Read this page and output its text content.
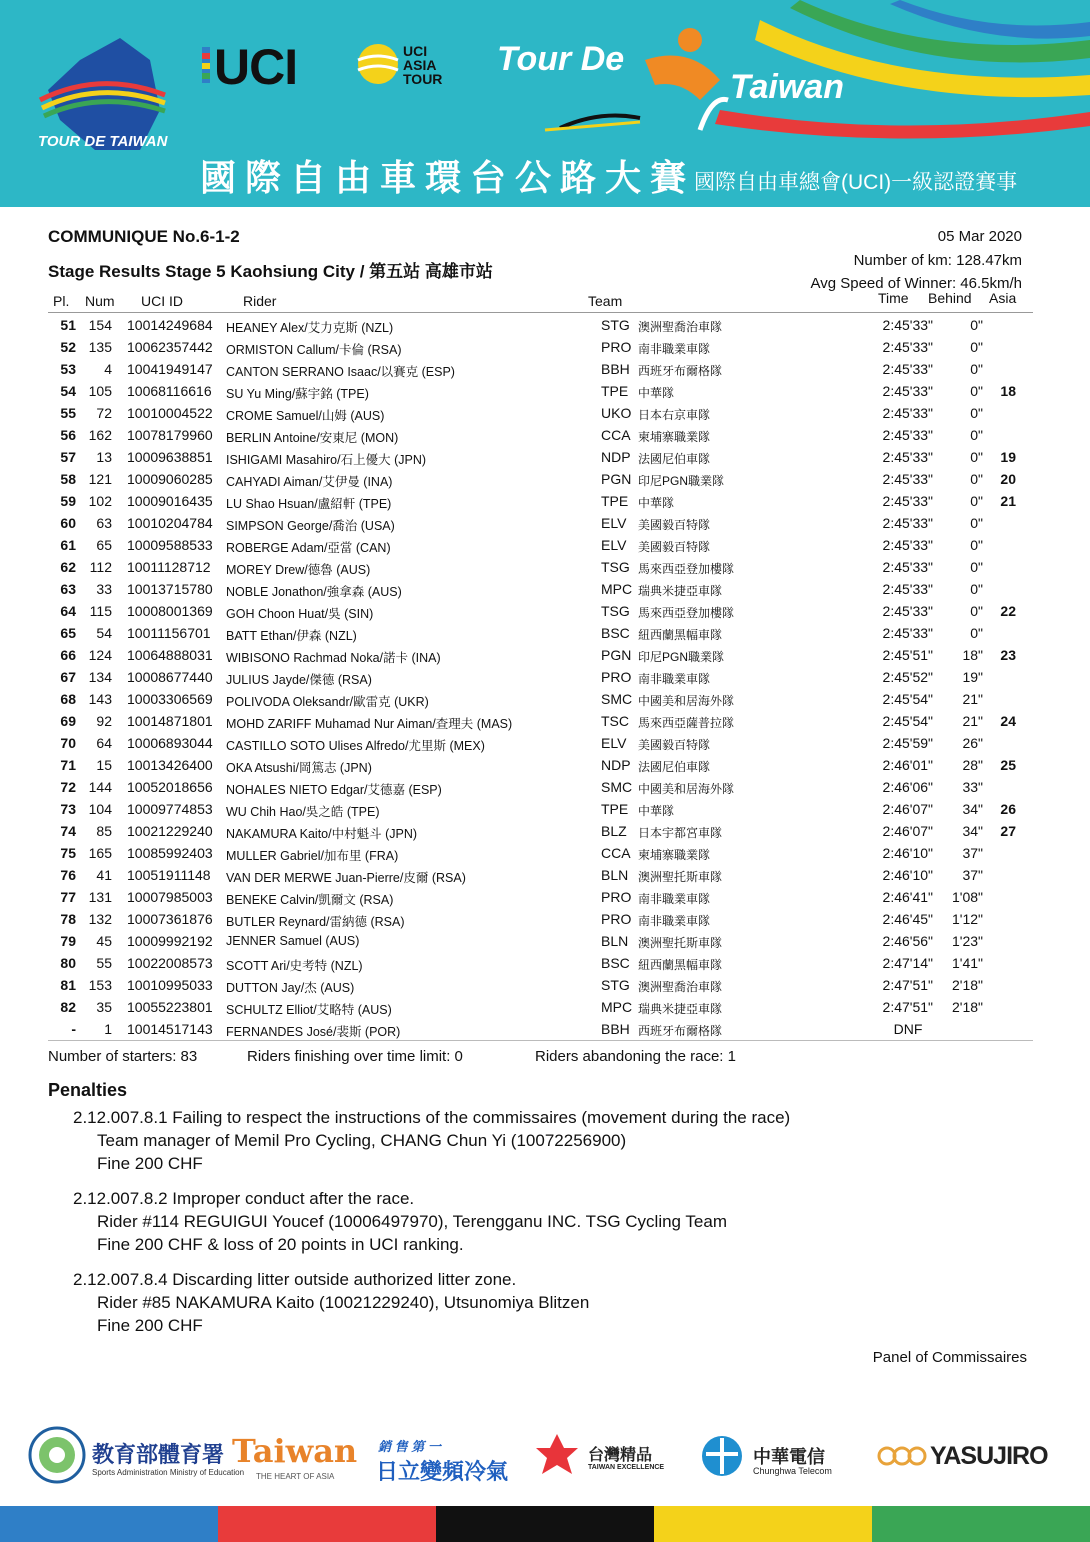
TOUR DE TAIWAN
UCI	UCI ASIA TOUR
Tour De
Taiwan
國際自由車環台公路大賽
國際自由車總會(UCI)一級認證賽事
COMMUNIQUE No.6-1-2
Stage Results Stage 5 Kaohsiung City / 第五站 高雄市站
05 Mar 2020
Number of km: 128.47km
Avg Speed of Winner: 46.5km/h
Pl. Num UCI ID	Rider	Team	Time Behind Asia
51 154 10014249684 HEANEY Alex/艾力克斯 (NZL)	STG 澳洲聖喬治車隊	2:45'33"	0"
52 135 10062357442 ORMISTON Callum/卡倫 (RSA)	PRO 南非職業車隊	2:45'33"	0"
53	4 10041949147 CANTON SERRANO Isaac/以賽克 (ESP)	BBH 西班牙布爾格隊	2:45'33"	0"
54 105 10068116616 SU Yu Ming/蘇宇銘 (TPE)	TPE 中華隊	2:45'33"	0"	18
55	72 10010004522 CROME Samuel/山姆 (AUS)	UKO 日本右京車隊	2:45'33"	0"
56 162 10078179960 BERLIN Antoine/安東尼 (MON)	CCA 柬埔寨職業隊	2:45'33"	0"
57	13 10009638851 ISHIGAMI Masahiro/石上優大 (JPN)	NDP 法國尼伯車隊	2:45'33"	0"	19
58 121 10009060285 CAHYADI Aiman/艾伊曼 (INA)	PGN 印尼PGN職業隊	2:45'33"	0"	20
59 102 10009016435 LU Shao Hsuan/盧紹軒 (TPE)	TPE 中華隊	2:45'33"	0"	21
60	63 10010204784 SIMPSON George/喬治 (USA)	ELV 美國毅百特隊	2:45'33"	0"
61	65 10009588533 ROBERGE Adam/亞當 (CAN)	ELV 美國毅百特隊	2:45'33"	0"
62 112 10011128712 MOREY Drew/德魯 (AUS)	TSG 馬來西亞登加樓隊	2:45'33"	0"
63	33 10013715780 NOBLE Jonathon/強拿森 (AUS)	MPC 瑞典米捷亞車隊	2:45'33"	0"
64 115 10008001369 GOH Choon Huat/吳 (SIN)	TSG 馬來西亞登加樓隊	2:45'33"	0"	22
65	54 10011156701 BATT Ethan/伊森 (NZL)	BSC 紐西蘭黑幅車隊	2:45'33"	0"
66 124 10064888031 WIBISONO Rachmad Noka/諾卡 (INA)	PGN 印尼PGN職業隊	2:45'51"	18"	23
67 134 10008677440 JULIUS Jayde/傑德 (RSA)	PRO 南非職業車隊	2:45'52"	19"
68 143 10003306569 POLIVODA Oleksandr/歐雷克 (UKR)	SMC 中國美和居海外隊	2:45'54"	21"
69	92 10014871801 MOHD ZARIFF Muhamad Nur Aiman/查理夫 (MAS)	TSC 馬來西亞薩普拉隊	2:45'54"	21"	24
70	64 10006893044 CASTILLO SOTO Ulises Alfredo/尤里斯 (MEX)	ELV 美國毅百特隊	2:45'59"	26"
71	15 10013426400 OKA Atsushi/岡篤志 (JPN)	NDP 法國尼伯車隊	2:46'01"	28"	25
72 144 10052018656 NOHALES NIETO Edgar/艾德嘉 (ESP)	SMC 中國美和居海外隊	2:46'06"	33"
73 104 10009774853 WU Chih Hao/吳之皓 (TPE)	TPE 中華隊	2:46'07"	34"	26
74	85 10021229240 NAKAMURA Kaito/中村魁斗 (JPN)	BLZ 日本宇都宮車隊	2:46'07"	34"	27
75 165 10085992403 MULLER Gabriel/加布里 (FRA)	CCA 柬埔寨職業隊	2:46'10"	37"
76	41 10051911148 VAN DER MERWE Juan-Pierre/皮爾 (RSA)	BLN 澳洲聖托斯車隊	2:46'10"	37"
77 131 10007985003 BENEKE Calvin/凱爾文 (RSA)	PRO 南非職業車隊	2:46'41"	1'08"
78 132 10007361876 BUTLER Reynard/雷納德 (RSA)	PRO 南非職業車隊	2:46'45"	1'12"
79	45 10009992192 JENNER Samuel (AUS)	BLN 澳洲聖托斯車隊	2:46'56"	1'23"
80	55 10022008573 SCOTT Ari/史考特 (NZL)	BSC 紐西蘭黑幅車隊	2:47'14"	1'41"
81 153 10010995033 DUTTON Jay/杰 (AUS)	STG 澳洲聖喬治車隊	2:47'51"	2'18"
82	35 10055223801 SCHULTZ Elliot/艾略特 (AUS)	MPC 瑞典米捷亞車隊	2:47'51"	2'18"
-	1 10014517143 FERNANDES José/裴斯 (POR)	BBH 西班牙布爾格隊	DNF
Number of starters: 83	Riders finishing over time limit: 0	Riders abandoning the race: 1
Penalties
2.12.007.8.1 Failing to respect the instructions of the commissaires (movement during the race)
Team manager of Memil Pro Cycling, CHANG Chun Yi (10072256900)
Fine 200 CHF
2.12.007.8.2 Improper conduct after the race.
Rider #114 REGUIGUI Youcef (10006497970), Terengganu INC. TSG Cycling Team
Fine 200 CHF & loss of 20 points in UCI ranking.
2.12.007.8.4 Discarding litter outside authorized litter zone.
Rider #85 NAKAMURA Kaito (10021229240), Utsunomiya Blitzen
Fine 200 CHF
Panel of Commissaires
教育部體育署
Sports Administration Ministry of Education
Taiwan
THE HEART OF ASIA
銷 售 第 一
日立變頻冷氣
台灣精品
TAIWAN EXCELLENCE
中華電信
Chunghwa Telecom
YASUJIRO
